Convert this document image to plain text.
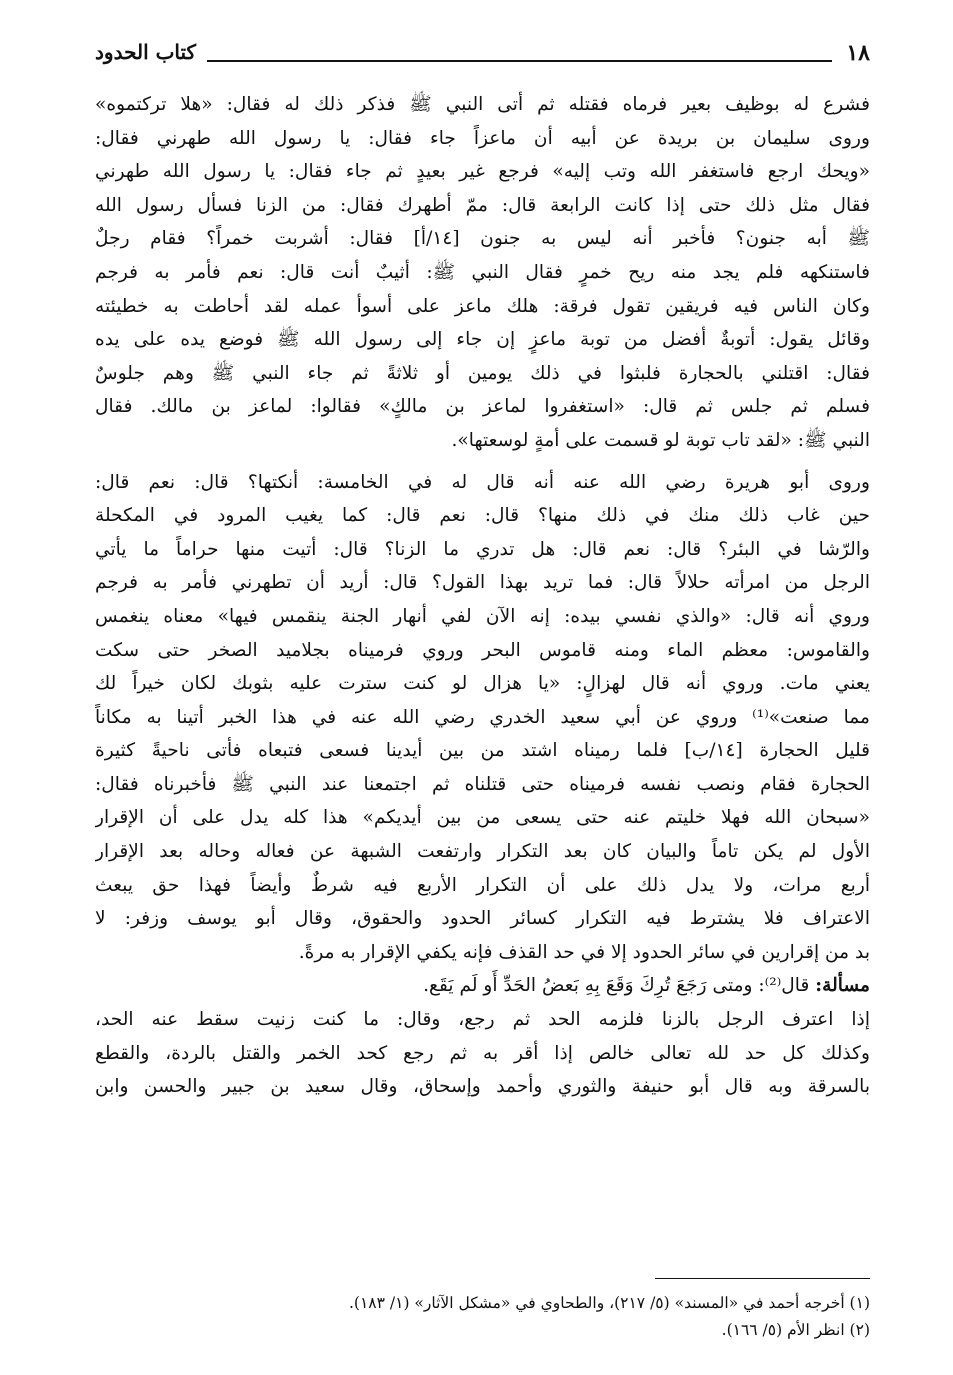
١٨
كتاب الحدود
فشرع له بوظيف بعير فرماه فقتله ثم أتى النبي ﷺ فذكر ذلك له فقال: «هلا تركتموه»
وروى سليمان بن بريدة عن أبيه أن ماعزاً جاء فقال: يا رسول الله طهرني فقال:
«ويحك ارجع فاستغفر الله وتب إليه» فرجع غير بعيدٍ ثم جاء فقال: يا رسول الله طهرني
فقال مثل ذلك حتى إذا كانت الرابعة قال: ممّ أطهرك فقال: من الزنا فسأل رسول الله
ﷺ أبه جنون؟ فأخبر أنه ليس به جنون [١٤/أ] فقال: أشربت خمراً؟ فقام رجلٌ
فاستنكهه فلم يجد منه ريح خمرٍ فقال النبي ﷺ: أثيبٌ أنت قال: نعم فأمر به فرجم
وكان الناس فيه فريقين تقول فرقة: هلك ماعز على أسوأ عمله لقد أحاطت به خطيئته
وقائل يقول: أتوبةٌ أفضل من توبة ماعزٍ إن جاء إلى رسول الله ﷺ فوضع يده على يده
فقال: اقتلني بالحجارة فلبثوا في ذلك يومين أو ثلاثةً ثم جاء النبي ﷺ وهم جلوسٌ
فسلم ثم جلس ثم قال: «استغفروا لماعز بن مالكٍ» فقالوا: لماعز بن مالك. فقال
النبي ﷺ: «لقد تاب توبة لو قسمت على أمةٍ لوسعتها».
وروى أبو هريرة رضي الله عنه أنه قال له في الخامسة: أنكتها؟ قال: نعم قال:
حين غاب ذلك منك في ذلك منها؟ قال: نعم قال: كما يغيب المرود في المكحلة
والرّشا في البئر؟ قال: نعم قال: هل تدري ما الزنا؟ قال: أتيت منها حراماً ما يأتي
الرجل من امرأته حلالاً قال: فما تريد بهذا القول؟ قال: أريد أن تطهرني فأمر به فرجم
وروي أنه قال: «والذي نفسي بيده: إنه الآن لفي أنهار الجنة ينقمس فيها» معناه ينغمس
والقاموس: معظم الماء ومنه قاموس البحر وروي فرميناه بجلاميد الصخر حتى سكت
يعني مات. وروي أنه قال لهزالٍ: «يا هزال لو كنت سترت عليه بثوبك لكان خيراً لك
مما صنعت»⁽¹⁾ وروي عن أبي سعيد الخدري رضي الله عنه في هذا الخبر أتينا به مكاناً
قليل الحجارة [١٤/ب] فلما رميناه اشتد من بين أيدينا فسعى فتبعاه فأتى ناحيةً كثيرة
الحجارة فقام ونصب نفسه فرميناه حتى قتلناه ثم اجتمعنا عند النبي ﷺ فأخبرناه فقال:
«سبحان الله فهلا خليتم عنه حتى يسعى من بين أيديكم» هذا كله يدل على أن الإقرار
الأول لم يكن تاماً والبيان كان بعد التكرار وارتفعت الشبهة عن فعاله وحاله بعد الإقرار
أربع مرات، ولا يدل ذلك على أن التكرار الأربع فيه شرطٌ وأيضاً فهذا حق يبعث
الاعتراف فلا يشترط فيه التكرار كسائر الحدود والحقوق، وقال أبو يوسف وزفر: لا
بد من إقرارين في سائر الحدود إلا في حد القذف فإنه يكفي الإقرار به مرةً.
مسألة: قال⁽²⁾: ومتى رَجَعَ تُرِكَ وَقَعَ بِهِ بَعضُ الحَدِّ أَو لَم يَقَع.
إذا اعترف الرجل بالزنا فلزمه الحد ثم رجع، وقال: ما كنت زنيت سقط عنه الحد،
وكذلك كل حد لله تعالى خالص إذا أقر به ثم رجع كحد الخمر والقتل بالردة، والقطع
بالسرقة وبه قال أبو حنيفة والثوري وأحمد وإسحاق، وقال سعيد بن جبير والحسن وابن
(١) أخرجه أحمد في «المسند» (٥/ ٢١٧)، والطحاوي في «مشكل الآثار» (١/ ١٨٣).
(٢) انظر الأم (٥/ ١٦٦).
